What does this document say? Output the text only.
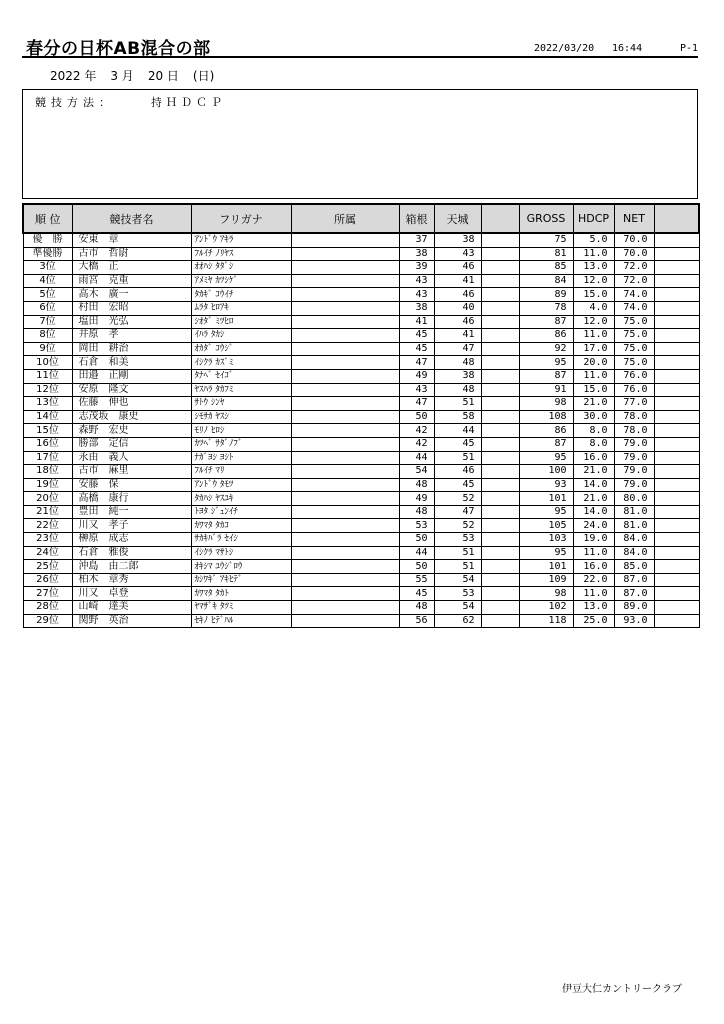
春分の日杯AB混合の部	2022/03/20 16:44	P-1
2022 年 3 月 20 日 (日)
競技方法：	持ＨＤＣＰ
順 位	競技者名	フリガナ	所属	箱根	天城		GROSS	HDCP	NET	
優　勝	安東　章	ｱﾝﾄﾞｳ ｱｷﾗ		37	38		75	5.0	70.0	
準優勝	古市　哲尉	ﾌﾙｲﾁ ﾉﾘﾔｽ		38	43		81	11.0	70.0	
3位	大橋　正	ｵｵﾊｼ ﾀﾀﾞｼ		39	46		85	13.0	72.0	
4位	雨宮　克重	ｱﾒﾐﾔ ｶﾂｼｹﾞ		43	41		84	12.0	72.0	
5位	高木　廣一	ﾀｶｷﾞ ｺｳｲﾁ		43	46		89	15.0	74.0	
6位	村田　宏昭	ﾑﾗﾀ ﾋﾛｱｷ		38	40		78	4.0	74.0	
7位	塩田　光弘	ｼｵﾀﾞ ﾐﾂﾋﾛ		41	46		87	12.0	75.0	
8位	井原　孝	ｲﾊﾗ ﾀｶｼ		45	41		86	11.0	75.0	
9位	岡田　耕治	ｵｶﾀﾞ ｺｳｼﾞ		45	47		92	17.0	75.0	
10位	石倉　和美	ｲｼｸﾗ ｶｽﾞﾐ		47	48		95	20.0	75.0	
11位	田邉　正剛	ﾀﾅﾍﾞ ｾｲｺﾞ		49	38		87	11.0	76.0	
12位	安原　隆文	ﾔｽﾊﾗ ﾀｶﾌﾐ		43	48		91	15.0	76.0	
13位	佐藤　伸也	ｻﾄｳ ｼﾝﾔ		47	51		98	21.0	77.0	
14位	志茂坂　康史	ｼﾓｻｶ ﾔｽｼ		50	58		108	30.0	78.0	
15位	森野　宏史	ﾓﾘﾉ ﾋﾛｼ		42	44		86	8.0	78.0	
16位	勝部　定信	ｶﾂﾍﾞ ｻﾀﾞﾉﾌﾞ		42	45		87	8.0	79.0	
17位	永由　義人	ﾅｶﾞﾖｼ ﾖｼﾄ		44	51		95	16.0	79.0	
18位	古市　麻里	ﾌﾙｲﾁ ﾏﾘ		54	46		100	21.0	79.0	
19位	安藤　保	ｱﾝﾄﾞｳ ﾀﾓﾂ		48	45		93	14.0	79.0	
20位	高橋　康行	ﾀｶﾊｼ ﾔｽﾕｷ		49	52		101	21.0	80.0	
21位	豊田　純一	ﾄﾖﾀ ｼﾞｭﾝｲﾁ		48	47		95	14.0	81.0	
22位	川又　孝子	ｶﾜﾏﾀ ﾀｶｺ		53	52		105	24.0	81.0	
23位	榊原　成志	ｻｶｷﾊﾞﾗ ｾｲｼ		50	53		103	19.0	84.0	
24位	石倉　雅俊	ｲｼｸﾗ ﾏｻﾄｼ		44	51		95	11.0	84.0	
25位	沖島　由二郎	ｵｷｼﾏ ﾕｳｼﾞﾛｳ		50	51		101	16.0	85.0	
26位	柏木　章秀	ｶｼﾜｷﾞ ｱｷﾋﾃﾞ		55	54		109	22.0	87.0	
27位	川又　卓登	ｶﾜﾏﾀ ﾀｶﾄ		45	53		98	11.0	87.0	
28位	山崎　達美	ﾔﾏｻﾞｷ ﾀﾂﾐ		48	54		102	13.0	89.0	
29位	関野　英治	ｾｷﾉ ﾋﾃﾞﾊﾙ		56	62		118	25.0	93.0	
伊豆大仁カントリークラブ
